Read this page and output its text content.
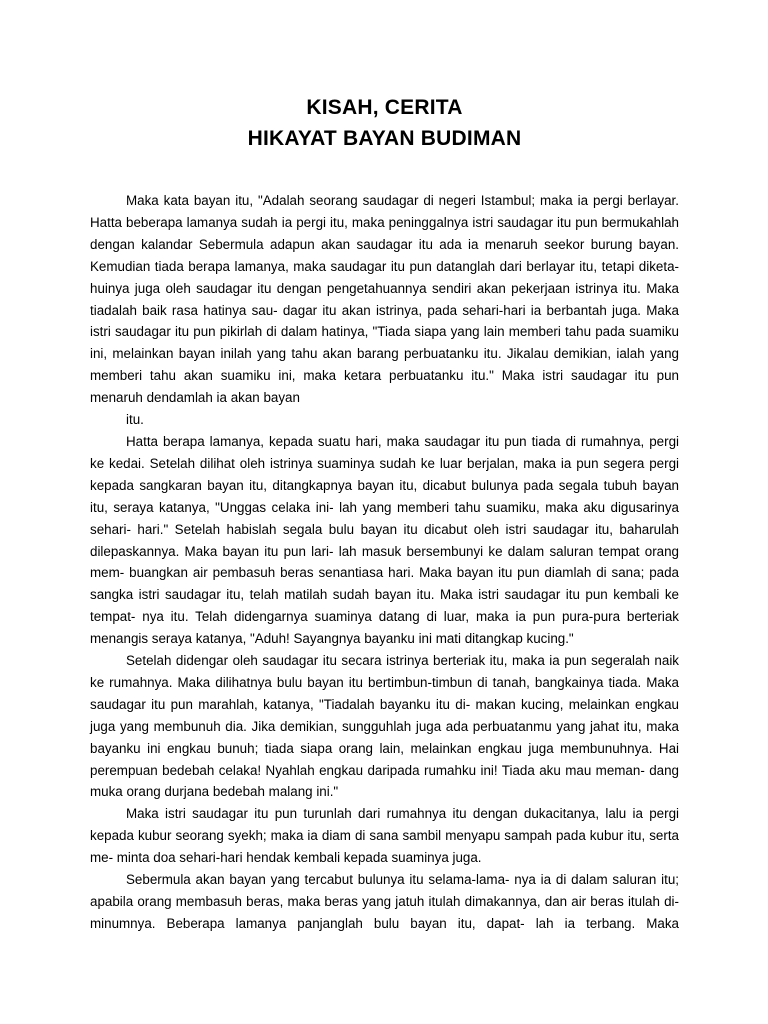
KISAH, CERITA
HIKAYAT BAYAN BUDIMAN

Maka kata bayan itu, "Adalah seorang saudagar di negeri Istambul; maka ia pergi berlayar. Hatta beberapa lamanya sudah ia pergi itu, maka peninggalnya istri saudagar itu pun bermukahlah dengan kalandar Sebermula adapun akan saudagar itu ada ia menaruh seekor burung bayan. Kemudian tiada berapa lamanya, maka saudagar itu pun datanglah dari berlayar itu, tetapi diketa- huinya juga oleh saudagar itu dengan pengetahuannya sendiri akan pekerjaan istrinya itu. Maka tiadalah baik rasa hatinya sau- dagar itu akan istrinya, pada sehari-hari ia berbantah juga. Maka istri saudagar itu pun pikirlah di dalam hatinya, "Tiada siapa yang lain memberi tahu pada suamiku ini, melainkan bayan inilah yang tahu akan barang perbuatanku itu. Jikalau demikian, ialah yang memberi tahu akan suamiku ini, maka ketara perbuatanku itu." Maka istri saudagar itu pun menaruh dendamlah ia akan bayan

itu.

Hatta berapa lamanya, kepada suatu hari, maka saudagar itu pun tiada di rumahnya, pergi ke kedai. Setelah dilihat oleh istrinya suaminya sudah ke luar berjalan, maka ia pun segera pergi kepada sangkaran bayan itu, ditangkapnya bayan itu, dicabut bulunya pada segala tubuh bayan itu, seraya katanya, "Unggas celaka ini- lah yang memberi tahu suamiku, maka aku digusarinya sehari- hari." Setelah habislah segala bulu bayan itu dicabut oleh istri saudagar itu, baharulah dilepaskannya. Maka bayan itu pun lari- lah masuk bersembunyi ke dalam saluran tempat orang mem- buangkan air pembasuh beras senantiasa hari. Maka bayan itu pun diamlah di sana; pada sangka istri saudagar itu, telah matilah sudah bayan itu. Maka istri saudagar itu pun kembali ke tempat- nya itu. Telah didengarnya suaminya datang di luar, maka ia pun pura-pura berteriak menangis seraya katanya, "Aduh! Sayangnya bayanku ini mati ditangkap kucing."

Setelah didengar oleh saudagar itu secara istrinya berteriak itu, maka ia pun segeralah naik ke rumahnya. Maka dilihatnya bulu bayan itu bertimbun-timbun di tanah, bangkainya tiada. Maka saudagar itu pun marahlah, katanya, "Tiadalah bayanku itu di- makan kucing, melainkan engkau juga yang membunuh dia. Jika demikian, sungguhlah juga ada perbuatanmu yang jahat itu, maka bayanku ini engkau bunuh; tiada siapa orang lain, melainkan engkau juga membunuhnya. Hai perempuan bedebah celaka! Nyahlah engkau daripada rumahku ini! Tiada aku mau meman- dang muka orang durjana bedebah malang ini."

Maka istri saudagar itu pun turunlah dari rumahnya itu dengan dukacitanya, lalu ia pergi kepada kubur seorang syekh; maka ia diam di sana sambil menyapu sampah pada kubur itu, serta me- minta doa sehari-hari hendak kembali kepada suaminya juga.

Sebermula akan bayan yang tercabut bulunya itu selama-lama- nya ia di dalam saluran itu; apabila orang membasuh beras, maka beras yang jatuh itulah dimakannya, dan air beras itulah di- minumnya. Beberapa lamanya panjanglah bulu bayan itu, dapat- lah ia terbang. Maka
